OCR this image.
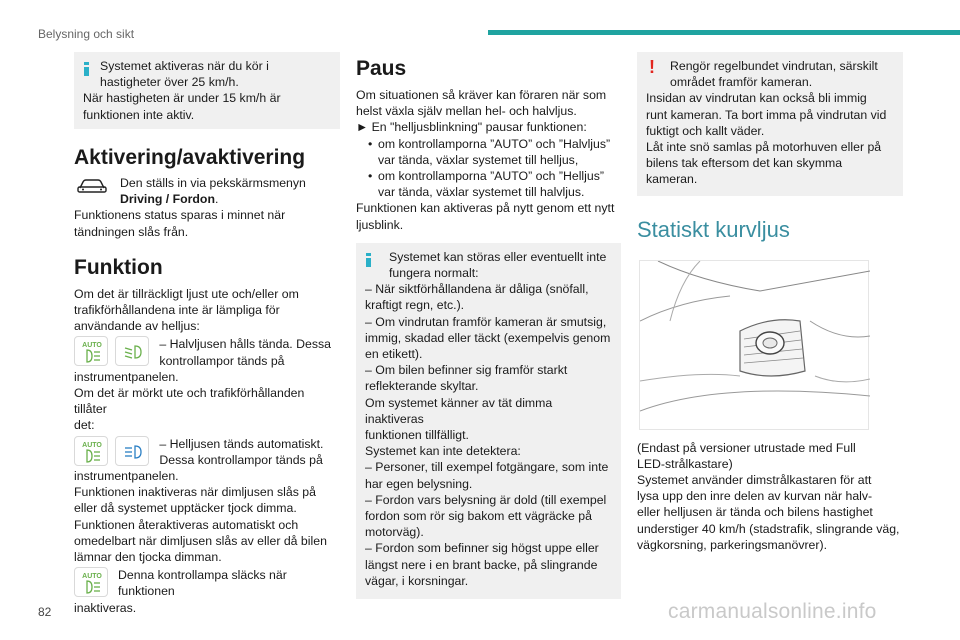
Belysning och sikt
Systemet aktiveras när du kör i
hastigheter över 25 km/h.
När hastigheten är under 15 km/h är
funktionen inte aktiv.
Aktivering/avaktivering
Den ställs in via pekskärmsmenyn
Driving / Fordon.
Funktionens status sparas i minnet när
tändningen slås från.
Funktion
Om det är tillräckligt ljust ute och/eller om
trafikförhållandena inte är lämpliga för
användande av helljus:
AUTO
	– Halvljusen hålls tända. Dessa
kontrollampor tänds på
instrumentpanelen.
Om det är mörkt ute och trafikförhållanden tillåter
det:
AUTO
	– Helljusen tänds automatiskt.
Dessa kontrollampor tänds på
instrumentpanelen.
Funktionen inaktiveras när dimljusen slås på
eller då systemet upptäcker tjock dimma.
Funktionen återaktiveras automatiskt och
omedelbart när dimljusen slås av eller då bilen
lämnar den tjocka dimman.
AUTO	Denna kontrollampa släcks när funktionen
inaktiveras.
Paus
Om situationen så kräver kan föraren när som
helst växla själv mellan hel- och halvljus.
► En "helljusblinkning" pausar funktionen:
• om kontrollamporna ”AUTO” och ”Halvljus”
var tända, växlar systemet till helljus,
• om kontrollamporna ”AUTO” och ”Helljus”
var tända, växlar systemet till halvljus.
Funktionen kan aktiveras på nytt genom ett nytt
ljusblink.
Systemet kan störas eller eventuellt inte
fungera normalt:
– När siktförhållandena är dåliga (snöfall,
kraftigt regn, etc.).
– Om vindrutan framför kameran är smutsig,
immig, skadad eller täckt (exempelvis genom
en etikett).
– Om bilen befinner sig framför starkt
reflekterande skyltar.
Om systemet känner av tät dimma inaktiveras
funktionen tillfälligt.
Systemet kan inte detektera:
– Personer, till exempel fotgängare, som inte
har egen belysning.
– Fordon vars belysning är dold (till exempel
fordon som rör sig bakom ett vägräcke på
motorväg).
– Fordon som befinner sig högst uppe eller
längst nere i en brant backe, på slingrande
vägar, i korsningar.
!	Rengör regelbundet vindrutan, särskilt
området framför kameran.
Insidan av vindrutan kan också bli immig
runt kameran. Ta bort imma på vindrutan vid
fuktigt och kallt väder.
Låt inte snö samlas på motorhuven eller på
bilens tak eftersom det kan skymma kameran.
Statiskt kurvljus
(Endast på versioner utrustade med Full
LED-strålkastare)
Systemet använder dimstrålkastaren för att
lysa upp den inre delen av kurvan när halv-
eller helljusen är tända och bilens hastighet
understiger 40 km/h (stadstrafik, slingrande väg,
vägkorsning, parkeringsmanövrer).
82	carmanualsonline.info
